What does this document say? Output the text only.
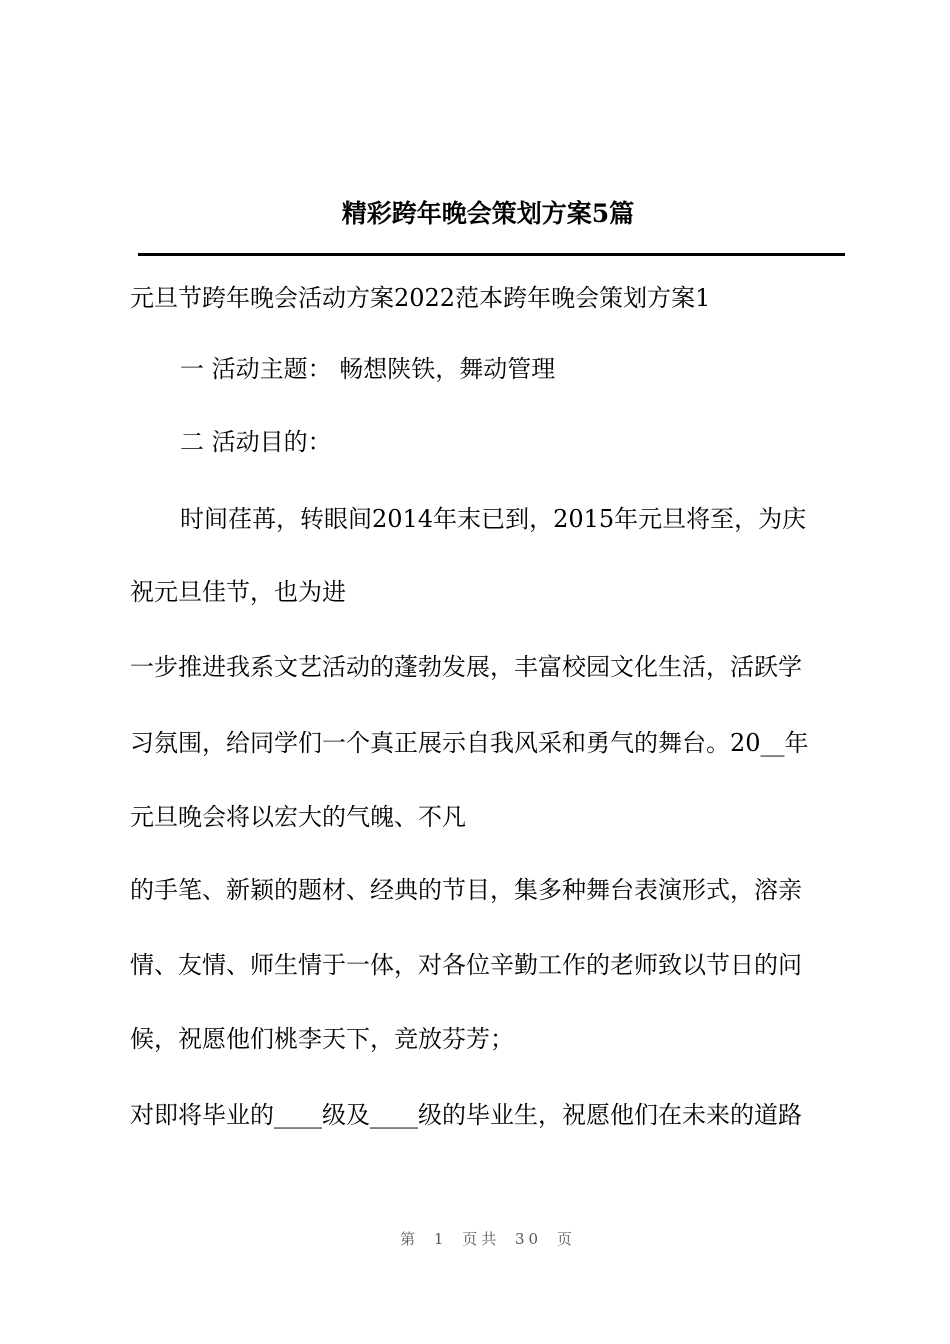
精彩跨年晚会策划方案5篇
元旦节跨年晚会活动方案2022范本跨年晚会策划方案1
一 活动主题： 畅想陕铁，舞动管理
二 活动目的：
时间荏苒，转眼间2014年末已到，2015年元旦将至，为庆
祝元旦佳节，也为进
一步推进我系文艺活动的蓬勃发展，丰富校园文化生活，活跃学
习氛围，给同学们一个真正展示自我风采和勇气的舞台。20__年
元旦晚会将以宏大的气魄、不凡
的手笔、新颖的题材、经典的节目，集多种舞台表演形式，溶亲
情、友情、师生情于一体，对各位辛勤工作的老师致以节日的问
候，祝愿他们桃李天下，竞放芬芳；
对即将毕业的____级及____级的毕业生，祝愿他们在未来的道路
第 1 页共 30 页
